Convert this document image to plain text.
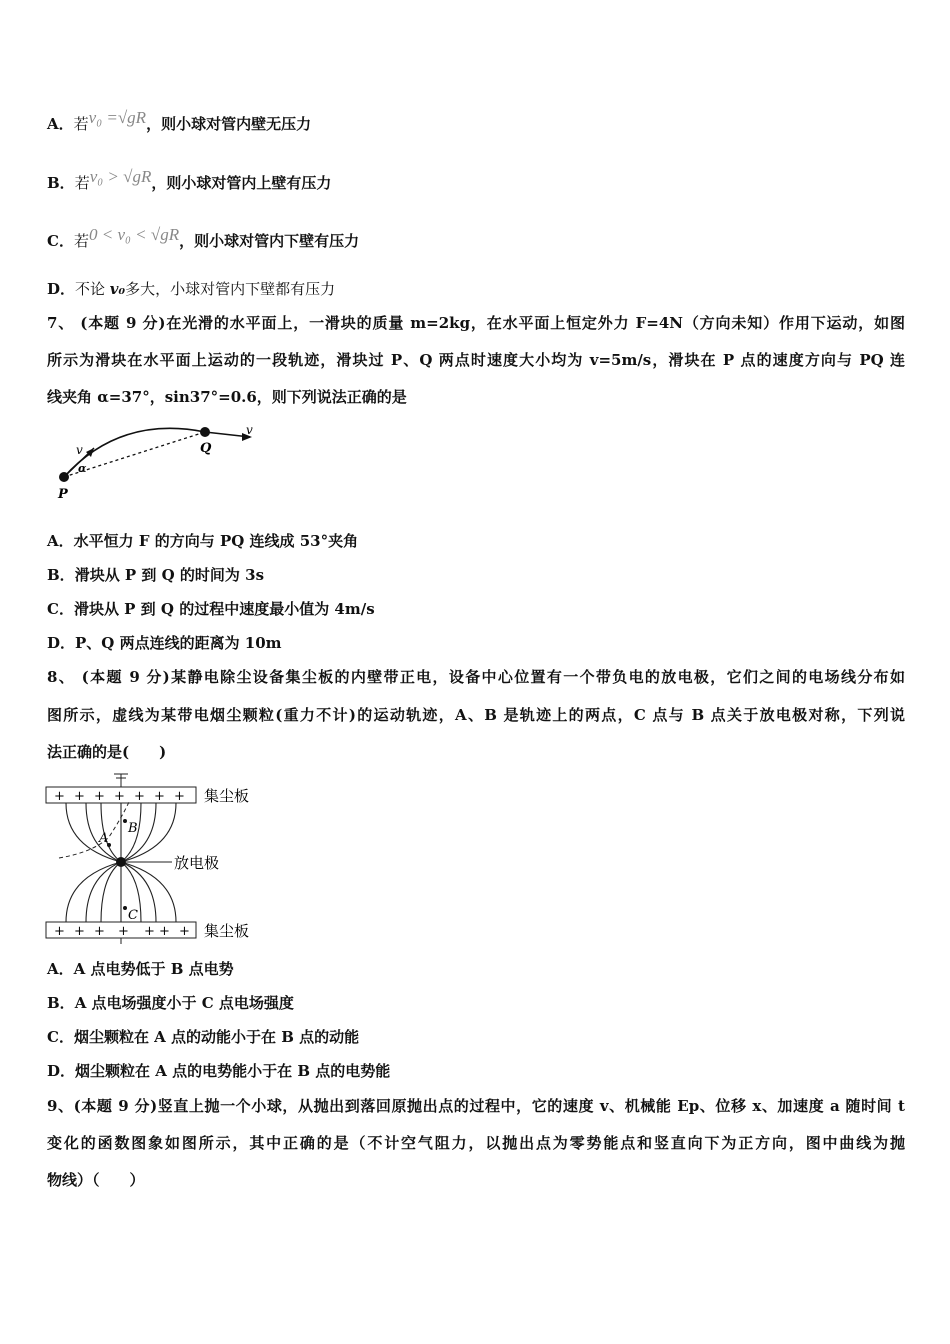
A．若v₀ =√gR，则小球对管内壁无压力
B．若v₀ > √gR，则小球对管内上壁有压力
C．若0 < v₀ < √gR，则小球对管内下壁有压力
D．不论 v₀多大，小球对管内下壁都有压力
7、 (本题 9 分)在光滑的水平面上，一滑块的质量 m=2kg，在水平面上恒定外力 F=4N（方向未知）作用下运动，如图
所示为滑块在水平面上运动的一段轨迹，滑块过 P、Q 两点时速度大小均为 v=5m/s，滑块在 P 点的速度方向与 PQ 连
线夹角 α=37°，sin37°=0.6，则下列说法正确的是
P
Q
v
v
α
A．水平恒力 F 的方向与 PQ 连线成 53°夹角
B．滑块从 P 到 Q 的时间为 3s
C．滑块从 P 到 Q 的过程中速度最小值为 4m/s
D．P、Q 两点连线的距离为 10m
8、 (本题 9 分)某静电除尘设备集尘板的内壁带正电，设备中心位置有一个带负电的放电极，它们之间的电场线分布如
图所示，虚线为某带电烟尘颗粒(重力不计)的运动轨迹，A、B 是轨迹上的两点，C 点与 B 点关于放电极对称，下列说
法正确的是(　　)
B
A
C
集尘板
放电极
集尘板
+ + + + + + +
+ + + + + + +
A．A 点电势低于 B 点电势
B．A 点电场强度小于 C 点电场强度
C．烟尘颗粒在 A 点的动能小于在 B 点的动能
D．烟尘颗粒在 A 点的电势能小于在 B 点的电势能
9、(本题 9 分)竖直上抛一个小球，从抛出到落回原抛出点的过程中，它的速度 v、机械能 Ep、位移 x、加速度 a 随时间 t
变化的函数图象如图所示，其中正确的是（不计空气阻力，以抛出点为零势能点和竖直向下为正方向，图中曲线为抛
物线）（　　）
